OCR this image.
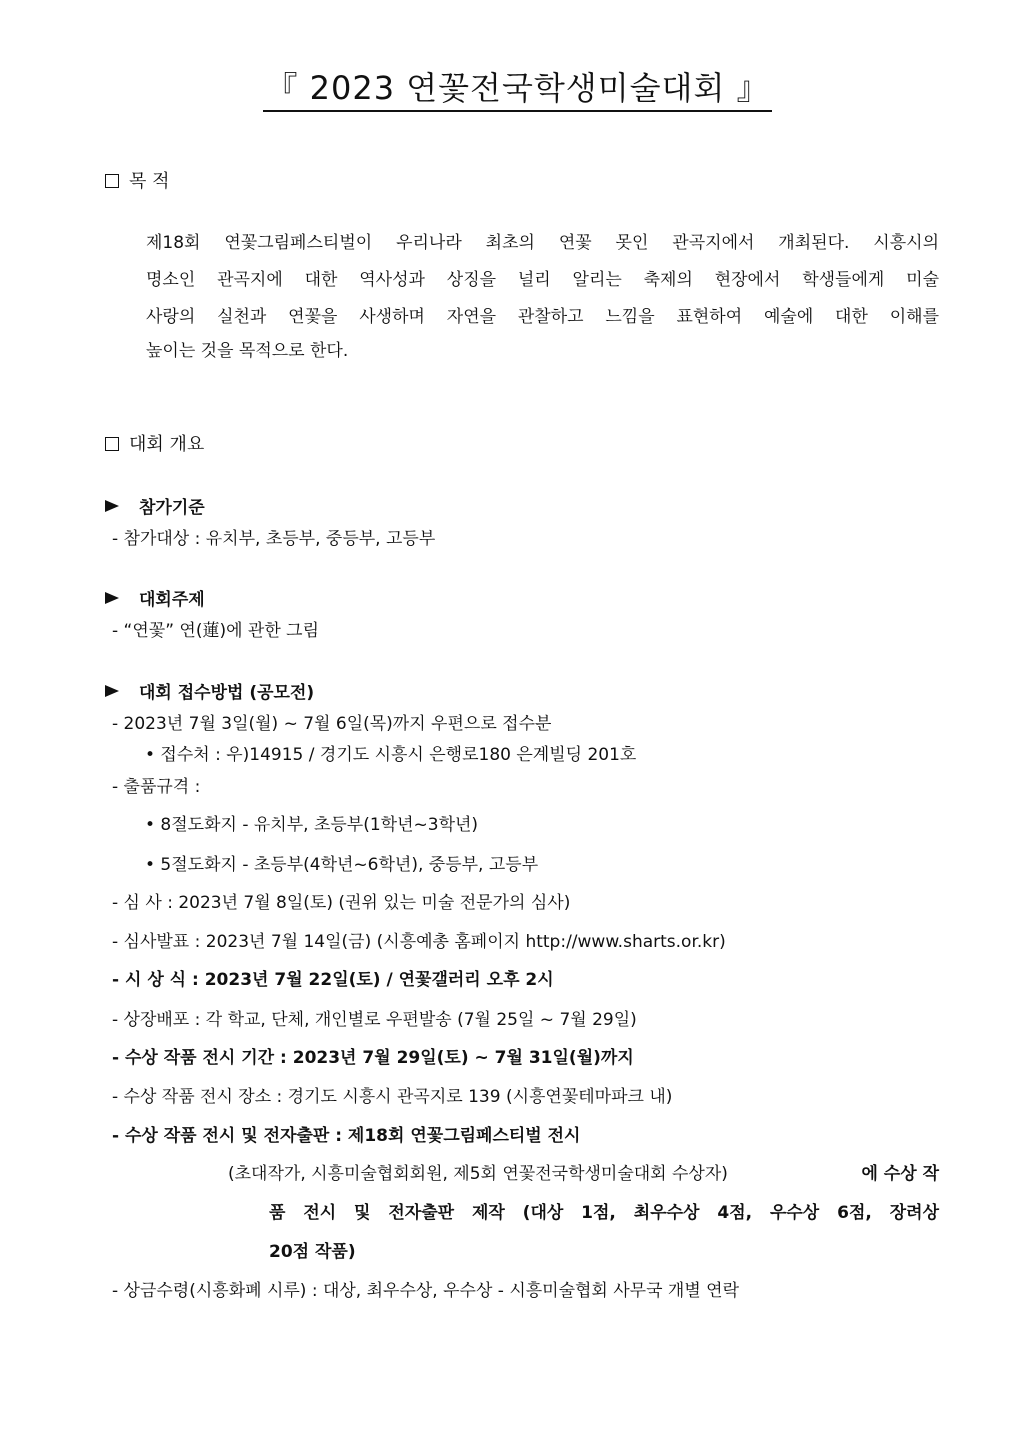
『 2023 연꽃전국학생미술대회 』
목 적
제18회 연꽃그림페스티벌이 우리나라 최초의 연꽃 못인 관곡지에서 개최된다. 시흥시의
명소인 관곡지에 대한 역사성과 상징을 널리 알리는 축제의 현장에서 학생들에게 미술
사랑의 실천과 연꽃을 사생하며 자연을 관찰하고 느낌을 표현하여 예술에 대한 이해를
높이는 것을 목적으로 한다.
대회 개요
참가기준
- 참가대상 : 유치부, 초등부, 중등부, 고등부
대회주제
- “연꽃” 연(蓮)에 관한 그림
대회 접수방법 (공모전)
- 2023년 7월 3일(월) ~ 7월 6일(목)까지 우편으로 접수분
• 접수처 : 우)14915 / 경기도 시흥시 은행로180 은계빌딩 201호
- 출품규격 :
• 8절도화지 - 유치부, 초등부(1학년~3학년)
• 5절도화지 - 초등부(4학년~6학년), 중등부, 고등부
- 심 사 : 2023년 7월 8일(토) (권위 있는 미술 전문가의 심사)
- 심사발표 : 2023년 7월 14일(금) (시흥예총 홈페이지 http://www.sharts.or.kr)
- 시 상 식 : 2023년 7월 22일(토) / 연꽃갤러리 오후 2시
- 상장배포 : 각 학교, 단체, 개인별로 우편발송 (7월 25일 ~ 7월 29일)
- 수상 작품 전시 기간 : 2023년 7월 29일(토) ~ 7월 31일(월)까지
- 수상 작품 전시 장소 : 경기도 시흥시 관곡지로 139 (시흥연꽃테마파크 내)
- 수상 작품 전시 및 전자출판 : 제18회 연꽃그림페스티벌 전시
(초대작가, 시흥미술협회회원, 제5회 연꽃전국학생미술대회 수상자)	에 수상 작
품 전시 및 전자출판 제작 (대상 1점, 최우수상 4점, 우수상 6점, 장려상
20점 작품)
- 상금수령(시흥화폐 시루) : 대상, 최우수상, 우수상 - 시흥미술협회 사무국 개별 연락
